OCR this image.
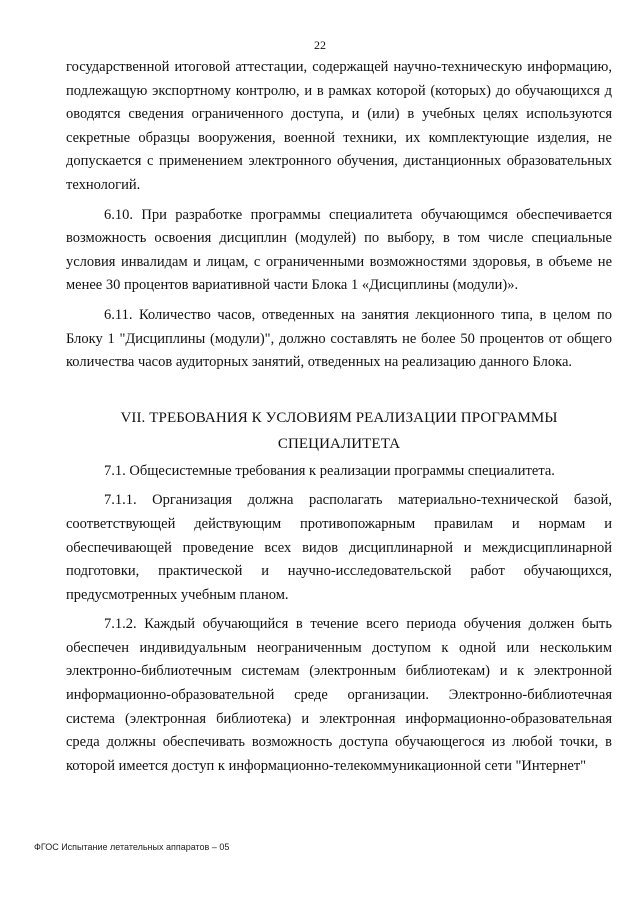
22

государственной итоговой аттестации, содержащей научно-техническую информацию, подлежащую экспортному контролю, и в рамках которой (которых) до обучающихся д оводятся сведения ограниченного доступа, и (или) в учебных целях используются секретные образцы вооружения, военной техники, их комплектующие изделия, не допускается с применением электронного обучения, дистанционных образовательных технологий.

6.10. При разработке программы специалитета обучающимся обеспечивается возможность освоения дисциплин (модулей) по выбору, в том числе специальные условия инвалидам и лицам, с ограниченными возможностями здоровья, в объеме не менее 30 процентов вариативной части Блока 1 «Дисциплины (модули)».

6.11. Количество часов, отведенных на занятия лекционного типа, в целом по Блоку 1 "Дисциплины (модули)", должно составлять не более 50 процентов от общего количества часов аудиторных занятий, отведенных на реализацию данного Блока.

VII. ТРЕБОВАНИЯ К УСЛОВИЯМ РЕАЛИЗАЦИИ ПРОГРАММЫ
СПЕЦИАЛИТЕТА

7.1. Общесистемные требования к реализации программы специалитета.

7.1.1. Организация должна располагать материально-технической базой, соответствующей действующим противопожарным правилам и нормам и обеспечивающей проведение всех видов дисциплинарной и междисциплинарной подготовки, практической и научно-исследовательской работ обучающихся, предусмотренных учебным планом.

7.1.2. Каждый обучающийся в течение всего периода обучения должен быть обеспечен индивидуальным неограниченным доступом к одной или нескольким электронно-библиотечным системам (электронным библиотекам) и к электронной информационно-образовательной среде организации. Электронно-библиотечная система (электронная библиотека) и электронная информационно-образовательная среда должны обеспечивать возможность доступа обучающегося из любой точки, в которой имеется доступ к информационно-телекоммуникационной сети "Интернет"

ФГОС Испытание летательных аппаратов – 05
